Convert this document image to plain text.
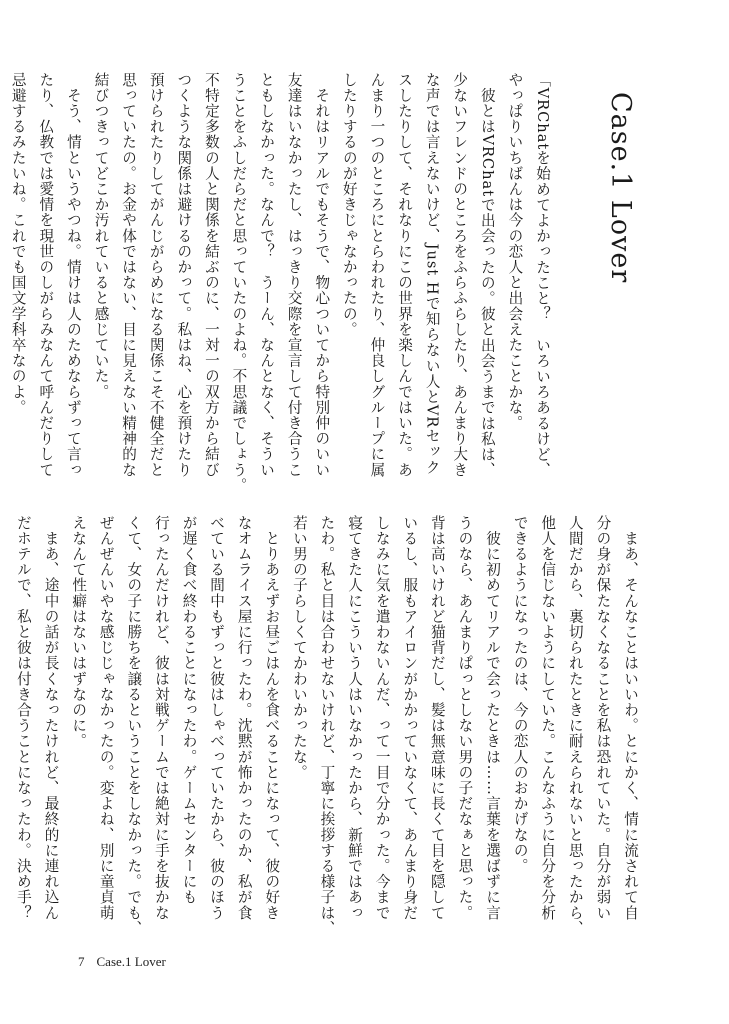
Case.1 Lover

「VRChatを始めてよかったこと？　いろいろあるけど、

やっぱりいちばんは今の恋人と出会えたことかな。

　彼とはVRChatで出会ったの。彼と出会うまでは私は、

少ないフレンドのところをふらふらしたり、あんまり大き

な声では言えないけど、Just Hで知らない人とVRセック

スしたりして、それなりにこの世界を楽しんではいた。あ

んまり一つのところにとらわれたり、仲良しグループに属

したりするのが好きじゃなかったの。

　それはリアルでもそうで、物心ついてから特別仲のいい

友達はいなかったし、はっきり交際を宣言して付き合うこ

ともしなかった。なんで？　うーん、なんとなく、そうい

うことをふしだらだと思っていたのよね。不思議でしょう。

不特定多数の人と関係を結ぶのに、一対一の双方から結び

つくような関係は避けるのかって。私はね、心を預けたり

預けられたりしてがんじがらめになる関係こそ不健全だと

思っていたの。お金や体ではない、目に見えない精神的な

結びつきってどこか汚れていると感じていた。

　そう、情というやつね。情けは人のためならずって言っ

たり、仏教では愛情を現世のしがらみなんて呼んだりして

忌避するみたいね。これでも国文学科卒なのよ。

　まあ、そんなことはいいわ。とにかく、情に流されて自

分の身が保たなくなることを私は恐れていた。自分が弱い

人間だから、裏切られたときに耐えられないと思ったから、

他人を信じないようにしていた。こんなふうに自分を分析

できるようになったのは、今の恋人のおかげなの。

　彼に初めてリアルで会ったときは……言葉を選ばずに言

うのなら、あんまりぱっとしない男の子だなぁと思った。

背は高いけれど猫背だし、髪は無意味に長くて目を隠して

いるし、服もアイロンがかかっていなくて、あんまり身だ

しなみに気を遣わないんだ、って一目で分かった。今まで

寝てきた人にこういう人はいなかったから、新鮮ではあっ

たわ。私と目は合わせないけれど、丁寧に挨拶する様子は、

若い男の子らしくてかわいかったな。

　とりあえずお昼ごはんを食べることになって、彼の好き

なオムライス屋に行ったわ。沈黙が怖かったのか、私が食

べている間中もずっと彼はしゃべっていたから、彼のほう

が遅く食べ終わることになったわ。ゲームセンターにも

行ったんだけれど、彼は対戦ゲームでは絶対に手を抜かな

くて、女の子に勝ちを譲るということをしなかった。でも、

ぜんぜんいやな感じじゃなかったの。変よね、別に童貞萌

えなんて性癖はないはずなのに。

　まあ、途中の話が長くなったけれど、最終的に連れ込ん

だホテルで、私と彼は付き合うことになったわ。決め手？

7 Case.1 Lover
